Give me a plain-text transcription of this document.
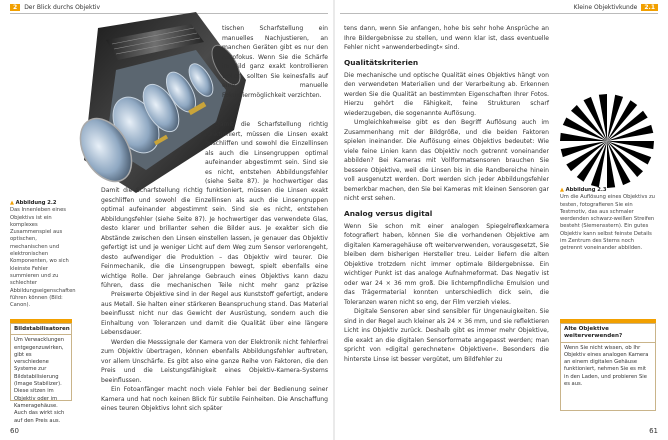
2 Der Blick durchs Objektiv
▲ Abbildung 2.2
Das Innenleben eines Objektivs ist ein komplexes Zusammenspiel aus optischen, mechanischen und elektronischen Komponenten, wo sich kleinste Fehler summieren und zu schlechter Abbildungseigenschaften führen können (Bild: Canon).
Bildstabilisatoren
Um Verwacklungen entgegenzuwirken, gibt es verschiedene Systeme zur Bildstabilisierung (Image Stabilizer). Diese sitzen im Objektiv oder im Kameragehäuse. Auch das wirkt sich auf den Preis aus.

tischen Scharfstellung ein manuelles Nachjustieren, an manchen Geräten gibt es nur den Autofokus. Wenn Sie die Schärfe im Bild ganz exakt kontrollieren wollen, sollten Sie keinesfalls auf eine manuelle Fokussiermöglichkeit verzichten.

Damit die Scharfstellung richtig funktioniert, müssen die Linsen exakt geschliffen und sowohl die Einzellinsen als auch die Linsengruppen optimal aufeinander abgestimmt sein. Sind sie es nicht, entstehen Abbildungsfehler (siehe Seite 87). Je hochwertiger das

Damit die Scharfstellung richtig funktioniert, müssen die Linsen exakt geschliffen und sowohl die Einzellinsen als auch die Linsengruppen optimal aufeinander abgestimmt sein. Sind sie es nicht, entstehen Abbildungsfehler (siehe Seite 87). Je hochwertiger das verwendete Glas, desto klarer und brillanter sehen die Bilder aus. Je exakter sich die Abstände zwischen den Linsen einstellen lassen, je genauer das Objektiv gefertigt ist und je weniger Licht auf dem Weg zum Sensor verlorengeht, desto aufwendiger die Produktion – das Objektiv wird teurer. Die Feinmechanik, die die Linsengruppen bewegt, spielt ebenfalls eine wichtige Rolle. Der jahrelange Gebrauch eines Objektivs kann dazu führen, dass die mechanischen Teile nicht mehr ganz präzise

Preiswerte Objektive sind in der Regel aus Kunststoff gefertigt, andere aus Metall. Sie halten einer stärkeren Beanspruchung stand. Das Material beeinflusst nicht nur das Gewicht der Ausrüstung, sondern auch die Einhaltung von Toleranzen und damit die Qualität über eine längere Lebensdauer.

Werden die Messsignale der Kamera von der Elektronik nicht fehlerfrei zum Objektiv übertragen, können ebenfalls Abbildungsfehler auftreten, vor allem Unschärfe. Es gibt also eine ganze Reihe von Faktoren, die den Preis und die Leistungsfähigkeit eines Objektiv-Kamera-Systems beeinflussen.

Ein Fotoanfänger macht noch viele Fehler bei der Bedienung seiner Kamera und hat noch keinen Blick für subtile Feinheiten. Die Anschaffung eines teuren Objektivs lohnt sich später

60
Kleine Objektivkunde 2.1

tens dann, wenn Sie anfangen, hohe bis sehr hohe Ansprüche an Ihre Bildergebnisse zu stellen, und wenn klar ist, dass eventuelle Fehler nicht »anwenderbedingt« sind.

Qualitätskriterien

Die mechanische und optische Qualität eines Objektivs hängt von den verwendeten Materialien und der Verarbeitung ab. Erkennen werden Sie die Qualität an bestimmten Eigenschaften Ihrer Fotos. Hierzu gehört die Fähigkeit, feine Strukturen scharf wiederzugeben, die sogenannte Auflösung.

Umgleichkehweise gibt es den Begriff Auflösung auch im Zusammenhang mit der Bildgröße, und die beiden Faktoren spielen ineinander. Die Auflösung eines Objektivs bedeutet: Wie viele feine Linien kann das Objektiv noch getrennt voneinander abbilden? Bei Kameras mit Vollformatsensoren brauchen Sie bessere Objektive, weil die Linsen bis in die Randbereiche hinein voll ausgenutzt werden. Dort werden sich jeder Abbildungsfehler bemerkbar machen, den Sie bei Kameras mit kleinen Sensoren gar nicht erst sehen.

Analog versus digital

Wenn Sie schon mit einer analogen Spiegelreflexkamera fotografiert haben, können Sie die vorhandenen Objektive am digitalen Kameragehäuse oft weiterverwenden, vorausgesetzt, Sie bleiben dem bisherigen Hersteller treu. Leider liefern die alten Objektive trotzdem nicht immer optimale Bildergebnisse. Ein wichtiger Punkt ist das analoge Aufnahmeformat. Das Negativ ist oder war 24 × 36 mm groß. Die lichtempfindliche Emulsion und das Trägermaterial konnten unterschiedlich dick sein, die Toleranzen waren nicht so eng, der Film verzieh vieles.

Digitale Sensoren aber sind sensibler für Ungenauigkeiten. Sie sind in der Regel auch kleiner als 24 × 36 mm, und sie reflektieren Licht ins Objektiv zurück. Deshalb gibt es immer mehr Objektive, die exakt an die digitalen Sensorformate angepasst werden; man spricht von »digital gerechneten« Objektiven«. Besonders die hinterste Linse ist besser vergütet, um Bildfehler zu

▲ Abbildung 2.3
Um die Auflösung eines Objektivs zu testen, fotografieren Sie ein Testmotiv, das aus schmaler werdenden schwarz-weißen Streifen besteht (Siemensstern). Ein gutes Objektiv kann selbst feinste Details im Zentrum des Sterns noch getrennt voneinander abbilden.
Alte Objektive weiterverwenden?
Wenn Sie nicht wissen, ob Ihr Objektiv eines analogen Kamera an einem digitalen Gehäuse funktioniert, nehmen Sie es mit in den Laden, und probieren Sie es aus.
61
